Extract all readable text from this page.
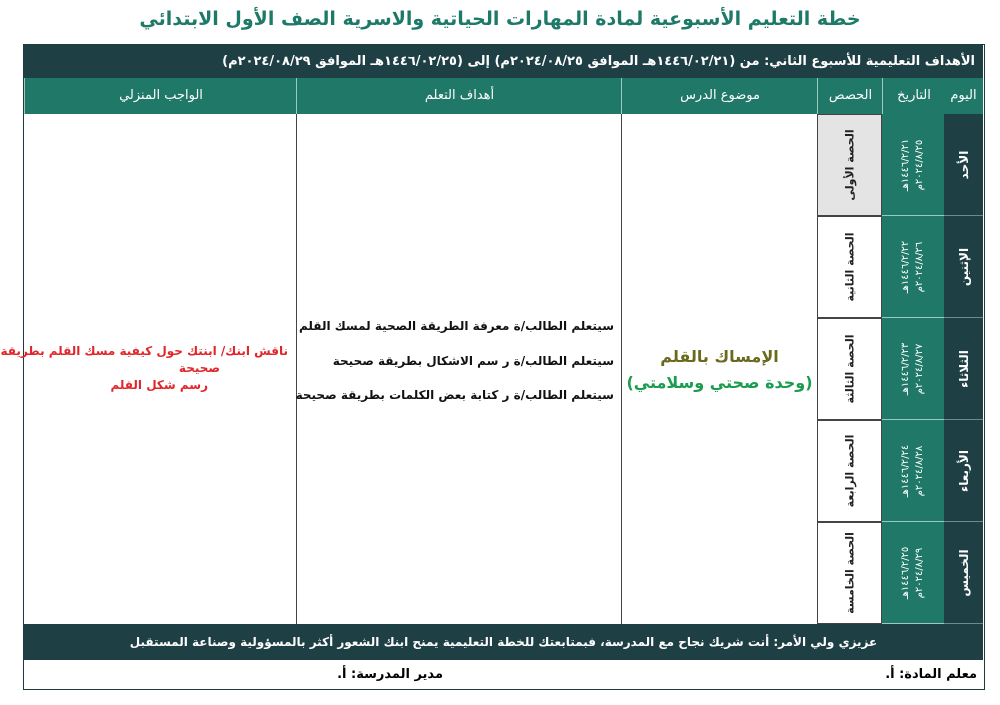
خطة التعليم الأسبوعية لمادة المهارات الحياتية والاسرية الصف الأول الابتدائي
الأهداف التعليمية للأسبوع الثاني: من (١٤٤٦/٠٢/٢١هـ الموافق ٢٠٢٤/٠٨/٢٥م) إلى (١٤٤٦/٠٢/٢٥هـ الموافق ٢٠٢٤/٠٨/٢٩م)
اليوم
التاريخ
الحصص
موضوع الدرس
أهداف التعلم
الواجب المنزلي
الأحد
١٤٤٦/٢/٢١هـ
٢٠٢٤/٨/٢٥م
الحصة الأولى
الإثنين
١٤٤٦/٢/٢٢هـ
٢٠٢٤/٨/٢٦م
الحصة الثانية
الثلاثاء
١٤٤٦/٢/٢٣هـ
٢٠٢٤/٨/٢٧م
الحصة الثالثة
الأربعاء
١٤٤٦/٢/٢٤هـ
٢٠٢٤/٨/٢٨م
الحصة الرابعة
الخميس
١٤٤٦/٢/٢٥هـ
٢٠٢٤/٨/٢٩م
الحصة الخامسة
الإمساك بالقلم
(وحدة صحتي وسلامتي)
سيتعلم الطالب/ة معرفة الطريقة الصحية لمسك القلم
سيتعلم الطالب/ة ر سم الاشكال بطريقة صحيحة
سيتعلم الطالب/ة ر كتابة بعض الكلمات بطريقة صحيحة
ناقش ابنك/ ابنتك حول كيفية مسك القلم بطريقة
صحيحة
رسم شكل القلم
عزيزي ولي الأمر: أنت شريك نجاح مع المدرسة، فبمتابعتك للخطة التعليمية يمنح ابنك الشعور أكثر بالمسؤولية وصناعة المستقبل
معلم المادة: أ.
مدير المدرسة: أ.
